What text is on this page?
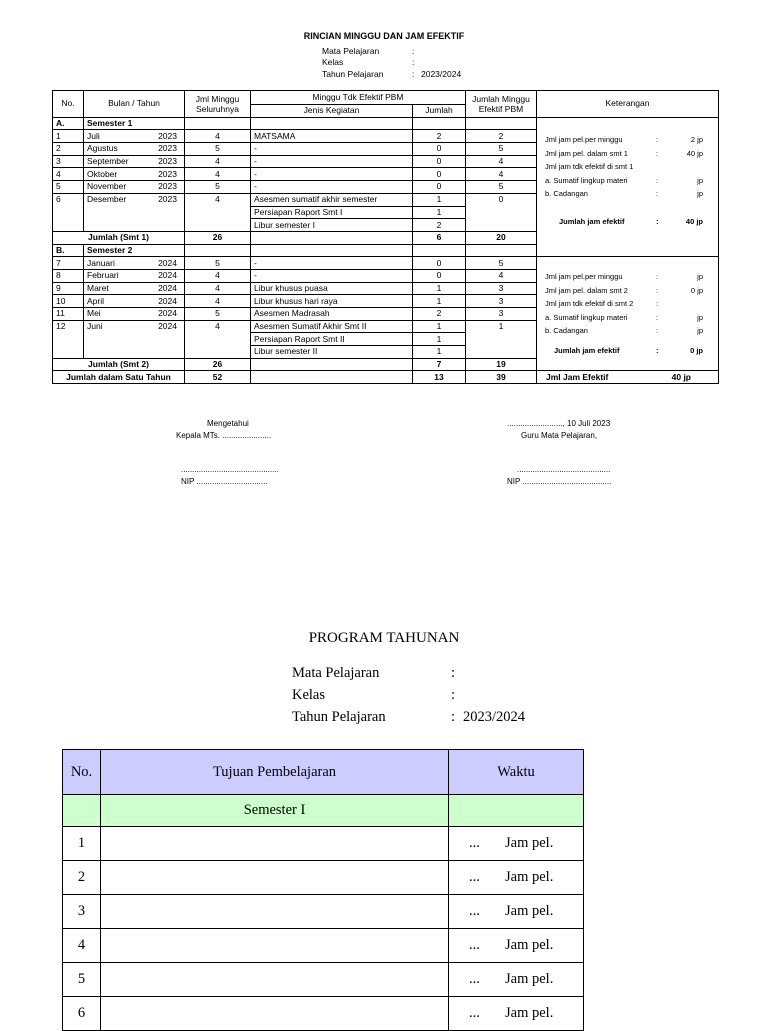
RINCIAN MINGGU DAN JAM EFEKTIF
Mata Pelajaran	:
Kelas	:
Tahun Pelajaran	: 2023/2024
No.	Bulan / Tahun	Jml Minggu Seluruhnya	Minggu Tdk Efektif PBM		Jumlah Minggu Efektif PBM	Keterangan	
			Jenis Kegiatan	Jumlah			
A.	Semester 1						
1	Juli 2023	4	MATSAMA	2	2		
2	Agustus 2023	5	-	0	5		
3	September 2023	4	-	0	4		
4	Oktober 2023	4	-	0	4		
5	November 2023	5	-	0	5		
6	Desember 2023	4	Asesmen sumatif akhir semester	1	0		
			Persiapan Raport Smt I	1			
			Libur semester I	2			
Jumlah (Smt 1)		26		6	20		
B.	Semester 2						
7	Januari 2024	5	-	0	5		
8	Februari 2024	4	-	0	4		
9	Maret 2024	4	Libur khusus puasa	1	3		
10	April 2024	4	Libur khusus hari raya	1	3		
11	Mei 2024	5	Asesmen Madrasah	2	3		
12	Juni 2024	4	Asesmen Sumatif Akhir Smt II	1	1		
			Persiapan Raport Smt II	1			
			Libur semester II	1			
Jumlah (Smt 2)		26		7	19		
Jumlah dalam Satu Tahun		52		13	39	Jml Jam Efektif 40 jp	
Jml jam pel.per minggu	:	2 jp
Jml jam pel. dalam smt 1	:	40 jp
Jml jam tdk efektif di smt 1
a. Sumatif lingkup materi	:	jp
b. Cadangan	:	jp
Jumlah jam efektif	:	40 jp
Jml jam pel.per minggu	:	jp
Jml jam pel. dalam smt 2	:	0 jp
Jml jam tdk efektif di smt 2	:
a. Sumatif lingkup materi	:	jp
b. Cadangan	:	jp
Jumlah jam efektif	:	0 jp
Mengetahui
Kepala MTs. ......................
............................................
NIP ................................
........................., 10 Juli 2023
Guru Mata Pelajaran,
..........................................
NIP ........................................
PROGRAM TAHUNAN
Mata Pelajaran	:
Kelas	:
Tahun Pelajaran	: 2023/2024
No.	Tujuan Pembelajaran	Waktu
	Semester I	
1		... Jam pel.

2		... Jam pel.

3		... Jam pel.

4		... Jam pel.

5		... Jam pel.

6		... Jam pel.
